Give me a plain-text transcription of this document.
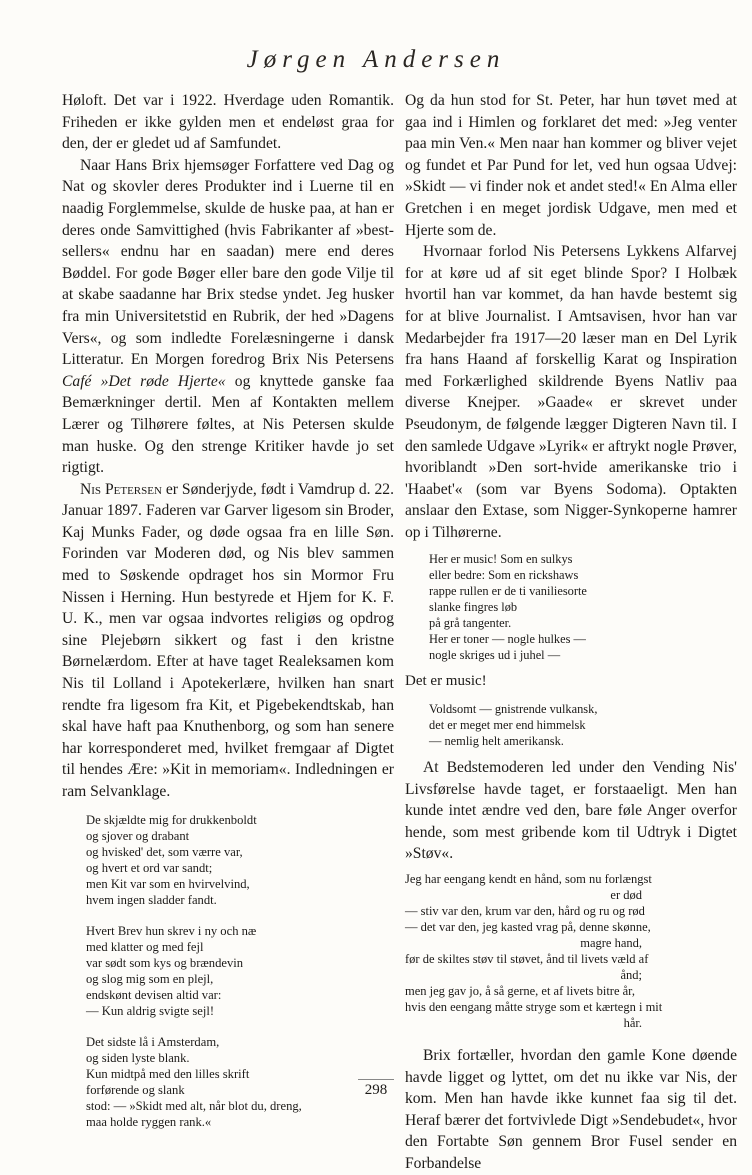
Jørgen Andersen

Høloft. Det var i 1922. Hverdage uden Romantik. Friheden er ikke gylden men et endeløst graa for den, der er gledet ud af Samfundet.

Naar Hans Brix hjemsøger Forfattere ved Dag og Nat og skovler deres Produkter ind i Luerne til en naadig Forglemmelse, skulde de huske paa, at han er deres onde Samvittighed (hvis Fabrikanter af »best-sellers« endnu har en saadan) mere end deres Bøddel. For gode Bøger eller bare den gode Vilje til at skabe saadanne har Brix stedse yndet. Jeg husker fra min Universitetstid en Rubrik, der hed »Dagens Vers«, og som indledte Forelæsningerne i dansk Litteratur. En Morgen foredrog Brix Nis Petersens Café »Det røde Hjerte« og knyttede ganske faa Bemærkninger dertil. Men af Kontakten mellem Lærer og Tilhørere føltes, at Nis Petersen skulde man huske. Og den strenge Kritiker havde jo set rigtigt.

Nis Petersen er Sønderjyde, født i Vamdrup d. 22. Januar 1897. Faderen var Garver ligesom sin Broder, Kaj Munks Fader, og døde ogsaa fra en lille Søn. Forinden var Moderen død, og Nis blev sammen med to Søskende opdraget hos sin Mormor Fru Nissen i Herning. Hun bestyrede et Hjem for K. F. U. K., men var ogsaa indvortes religiøs og opdrog sine Plejebørn sikkert og fast i den kristne Børnelærdom. Efter at have taget Realeksamen kom Nis til Lolland i Apotekerlære, hvilken han snart rendte fra ligesom fra Kit, et Pigebekendtskab, han skal have haft paa Knuthenborg, og som han senere har korresponderet med, hvilket fremgaar af Digtet til hendes Ære: »Kit in memoriam«. Indledningen er ram Selvanklage.

De skjældte mig for drukkenboldt
og sjover og drabant
og hvisked' det, som værre var,
og hvert et ord var sandt;
men Kit var som en hvirvelvind,
hvem ingen sladder fandt.
Hvert Brev hun skrev i ny och næ
med klatter og med fejl
var sødt som kys og brændevin
og slog mig som en plejl,
endskønt devisen altid var:
— Kun aldrig svigte sejl!
Det sidste lå i Amsterdam,
og siden lyste blank.
Kun midtpå med den lilles skrift
forførende og slank
stod: — »Skidt med alt, når blot du, dreng,
maa holde ryggen rank.«

Og da hun stod for St. Peter, har hun tøvet med at gaa ind i Himlen og forklaret det med: »Jeg venter paa min Ven.« Men naar han kommer og bliver vejet og fundet et Par Pund for let, ved hun ogsaa Udvej: »Skidt — vi finder nok et andet sted!« En Alma eller Gretchen i en meget jordisk Udgave, men med et Hjerte som de.

Hvornaar forlod Nis Petersens Lykkens Alfarvej for at køre ud af sit eget blinde Spor? I Holbæk hvortil han var kommet, da han havde bestemt sig for at blive Journalist. I Amtsavisen, hvor han var Medarbejder fra 1917—20 læser man en Del Lyrik fra hans Haand af forskellig Karat og Inspiration med Forkærlighed skildrende Byens Natliv paa diverse Knejper. »Gaade« er skrevet under Pseudonym, de følgende lægger Digteren Navn til. I den samlede Udgave »Lyrik« er aftrykt nogle Prøver, hvoriblandt »Den sort-hvide amerikanske trio i 'Haabet'« (som var Byens Sodoma). Optakten anslaar den Extase, som Nigger-Synkoperne hamrer op i Tilhørerne.

Her er music! Som en sulkys
eller bedre: Som en rickshaws
rappe rullen er de ti vaniliesorte
slanke fingres løb
på grå tangenter.
Her er toner — nogle hulkes —
nogle skriges ud i juhel —
Det er music!
Voldsomt — gnistrende vulkansk,
det er meget mer end himmelsk
— nemlig helt amerikansk.

At Bedstemoderen led under den Vending Nis' Livsførelse havde taget, er forstaaeligt. Men han kunde intet ændre ved den, bare føle Anger overfor hende, som mest gribende kom til Udtryk i Digtet »Støv«.

Jeg har eengang kendt en hånd, som nu forlængst
er død
— stiv var den, krum var den, hård og ru og rød
— det var den, jeg kasted vrag på, denne skønne,
magre hand,
før de skiltes støv til støvet, ånd til livets væld af
ånd;
men jeg gav jo, å så gerne, et af livets bitre år,
hvis den eengang måtte stryge som et kærtegn i mit
hår.

Brix fortæller, hvordan den gamle Kone døende havde ligget og lyttet, om det nu ikke var Nis, der kom. Men han havde ikke kunnet faa sig til det. Heraf bærer det fortvivlede Digt »Sendebudet«, hvor den Fortabte Søn gennem Bror Fusel sender en Forbandelse

298
